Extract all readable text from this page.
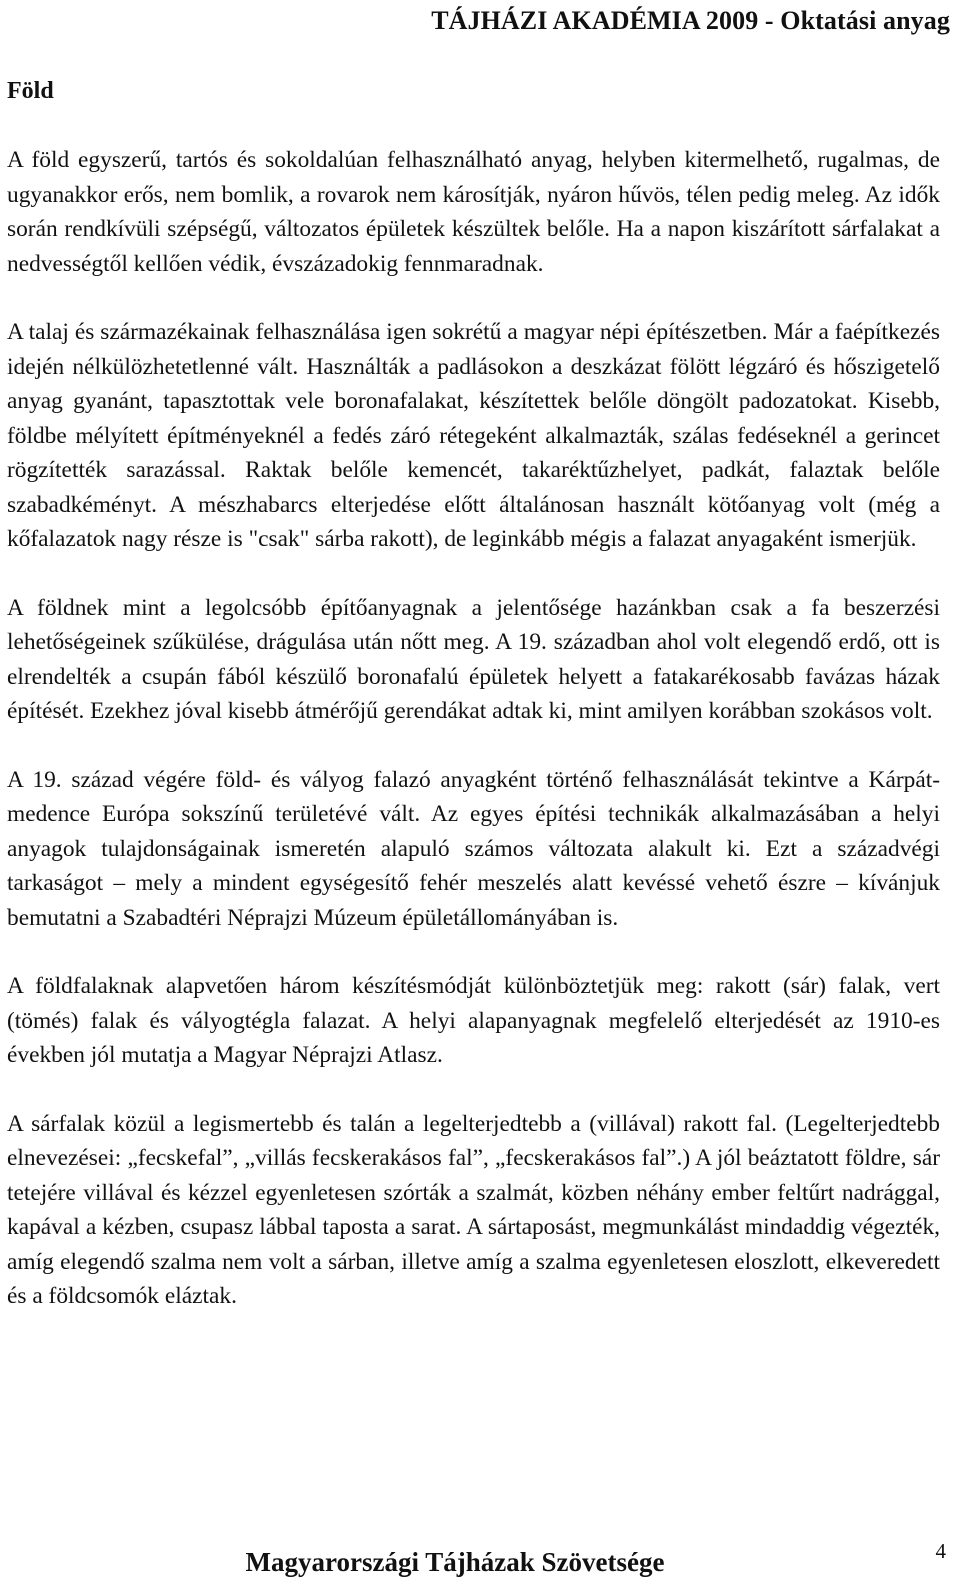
TÁJHÁZI AKADÉMIA 2009 - Oktatási anyag
Föld

A föld egyszerű, tartós és sokoldalúan felhasználható anyag, helyben kitermelhető, rugalmas, de ugyanakkor erős, nem bomlik, a rovarok nem károsítják, nyáron hűvös, télen pedig meleg. Az idők során rendkívüli szépségű, változatos épületek készültek belőle. Ha a napon kiszárított sárfalakat a nedvességtől kellően védik, évszázadokig fennmaradnak.

A talaj és származékainak felhasználása igen sokrétű a magyar népi építészetben. Már a faépítkezés idején nélkülözhetetlenné vált. Használták a padlásokon a deszkázat fölött légzáró és hőszigetelő anyag gyanánt, tapasztottak vele boronafalakat, készítettek belőle döngölt padozatokat. Kisebb, földbe mélyített építményeknél a fedés záró rétegeként alkalmazták, szálas fedéseknél a gerincet rögzítették sarazással. Raktak belőle kemencét, takaréktűzhelyet, padkát, falaztak belőle szabadkéményt. A mészhabarcs elterjedése előtt általánosan használt kötőanyag volt (még a kőfalazatok nagy része is "csak" sárba rakott), de leginkább mégis a falazat anyagaként ismerjük.

A földnek mint a legolcsóbb építőanyagnak a jelentősége hazánkban csak a fa beszerzési lehetőségeinek szűkülése, drágulása után nőtt meg. A 19. században ahol volt elegendő erdő, ott is elrendelték a csupán fából készülő boronafalú épületek helyett a fatakarékosabb favázas házak építését. Ezekhez jóval kisebb átmérőjű gerendákat adtak ki, mint amilyen korábban szokásos volt.

A 19. század végére föld- és vályog falazó anyagként történő felhasználását tekintve a Kárpát-medence Európa sokszínű területévé vált. Az egyes építési technikák alkalmazásában a helyi anyagok tulajdonságainak ismeretén alapuló számos változata alakult ki. Ezt a századvégi tarkaságot – mely a mindent egységesítő fehér meszelés alatt kevéssé vehető észre – kívánjuk bemutatni a Szabadtéri Néprajzi Múzeum épületállományában is.

A földfalaknak alapvetően három készítésmódját különböztetjük meg: rakott (sár) falak, vert (tömés) falak és vályogtégla falazat. A helyi alapanyagnak megfelelő elterjedését az 1910-es években jól mutatja a Magyar Néprajzi Atlasz.

A sárfalak közül a legismertebb és talán a legelterjedtebb a (villával) rakott fal. (Legelterjedtebb elnevezései: „fecskefal”, „villás fecskerakásos fal”, „fecskerakásos fal”.) A jól beáztatott földre, sár tetejére villával és kézzel egyenletesen szórták a szalmát, közben néhány ember feltűrt nadrággal, kapával a kézben, csupasz lábbal taposta a sarat. A sártaposást, megmunkálást mindaddig végezték, amíg elegendő szalma nem volt a sárban, illetve amíg a szalma egyenletesen eloszlott, elkeveredett és a földcsomók eláztak.

Magyarországi Tájházak Szövetsége	4
